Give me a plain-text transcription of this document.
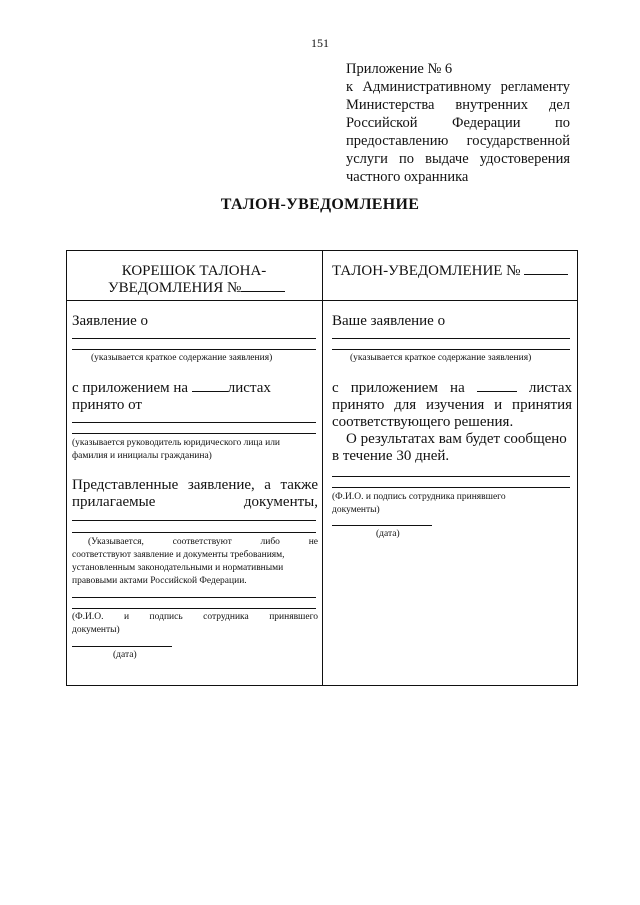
151
Приложение № 6
к Административному регламенту
Министерства внутренних дел
Российской Федерации по
предоставлению государственной
услуги по выдаче удостоверения
частного охранника
ТАЛОН-УВЕДОМЛЕНИЕ
КОРЕШОК ТАЛОНА-
УВЕДОМЛЕНИЯ №
Заявление о
(указывается краткое содержание заявления)
с приложением на	листах
принято от
(указывается руководитель юридического лица или
фамилия и инициалы гражданина)
Представленные заявление, а также
прилагаемые документы,
(Указывается, соответствуют либо не
соответствуют заявление и документы требованиям,
установленным законодательными и нормативными
правовыми актами Российской Федерации.
(Ф.И.О. и подпись сотрудника принявшего
документы)
(дата)
ТАЛОН-УВЕДОМЛЕНИЕ №
Ваше заявление о
(указывается краткое содержание заявления)
с приложением на	листах
принято для изучения и принятия
соответствующего решения.
О результатах вам будет сообщено
в течение 30 дней.
(Ф.И.О. и подпись сотрудника принявшего
документы)
(дата)
